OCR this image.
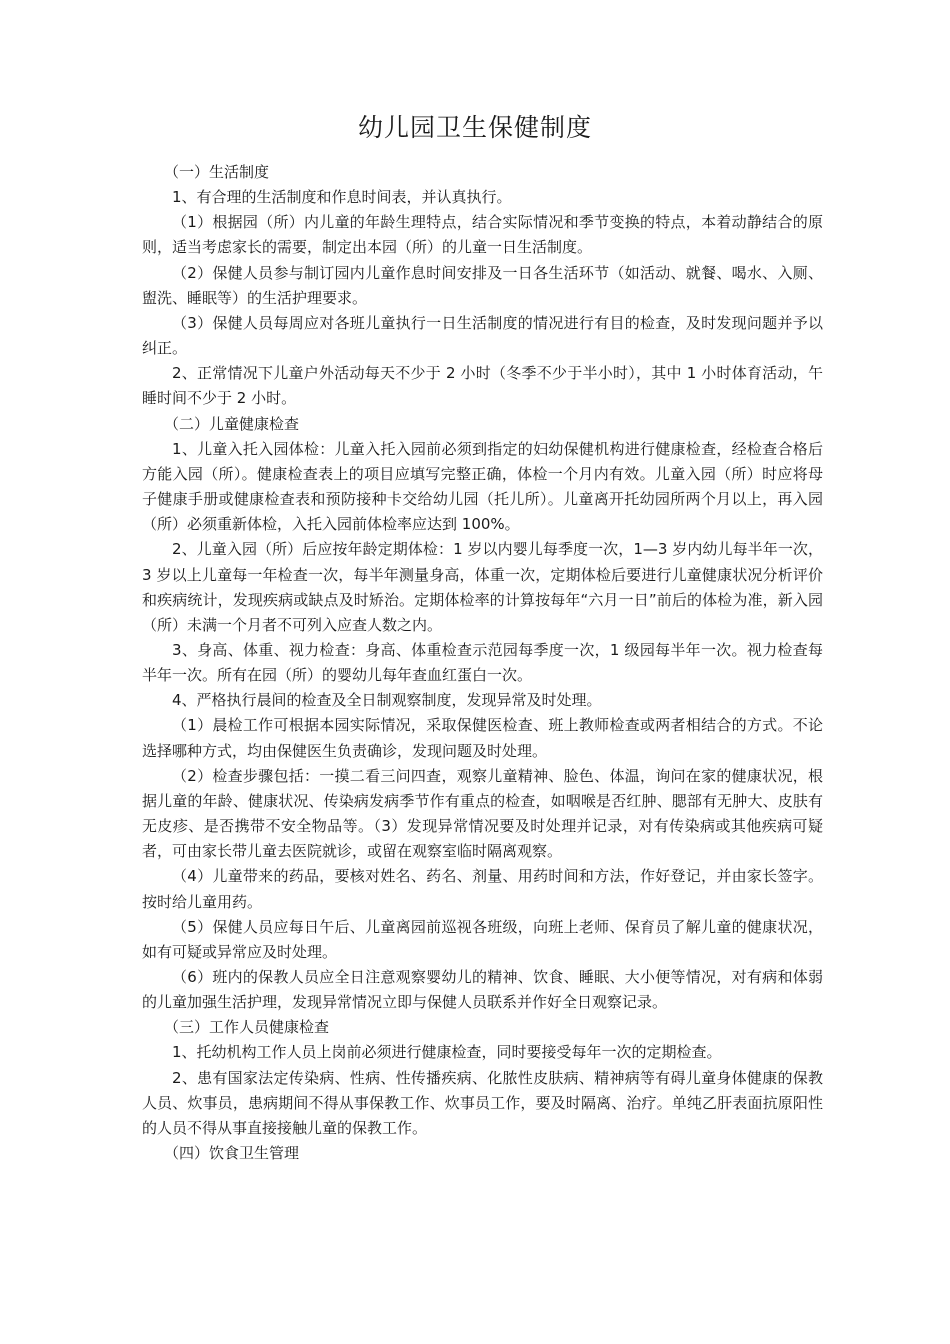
幼儿园卫生保健制度

（一）生活制度

1、有合理的生活制度和作息时间表，并认真执行。

（1）根据园（所）内儿童的年龄生理特点，结合实际情况和季节变换的特点，本着动静结合的原则，适当考虑家长的需要，制定出本园（所）的儿童一日生活制度。

（2）保健人员参与制订园内儿童作息时间安排及一日各生活环节（如活动、就餐、喝水、入厕、盥洗、睡眠等）的生活护理要求。

（3）保健人员每周应对各班儿童执行一日生活制度的情况进行有目的检查，及时发现问题并予以纠正。

2、正常情况下儿童户外活动每天不少于 2 小时（冬季不少于半小时），其中 1 小时体育活动，午睡时间不少于 2 小时。

（二）儿童健康检查

1、儿童入托入园体检：儿童入托入园前必须到指定的妇幼保健机构进行健康检查，经检查合格后方能入园（所）。健康检查表上的项目应填写完整正确，体检一个月内有效。儿童入园（所）时应将母子健康手册或健康检查表和预防接种卡交给幼儿园（托儿所）。儿童离开托幼园所两个月以上，再入园（所）必须重新体检，入托入园前体检率应达到 100%。

2、儿童入园（所）后应按年龄定期体检：1 岁以内婴儿每季度一次，1—3 岁内幼儿每半年一次，3 岁以上儿童每一年检查一次，每半年测量身高，体重一次，定期体检后要进行儿童健康状况分析评价和疾病统计，发现疾病或缺点及时矫治。定期体检率的计算按每年“六月一日”前后的体检为准，新入园（所）未满一个月者不可列入应查人数之内。

3、身高、体重、视力检查：身高、体重检查示范园每季度一次，1 级园每半年一次。视力检查每半年一次。所有在园（所）的婴幼儿每年查血红蛋白一次。

4、严格执行晨间的检查及全日制观察制度，发现异常及时处理。

（1）晨检工作可根据本园实际情况，采取保健医检查、班上教师检查或两者相结合的方式。不论选择哪种方式，均由保健医生负责确诊，发现问题及时处理。

（2）检查步骤包括：一摸二看三问四查，观察儿童精神、脸色、体温，询问在家的健康状况，根据儿童的年龄、健康状况、传染病发病季节作有重点的检查，如咽喉是否红肿、腮部有无肿大、皮肤有无皮疹、是否携带不安全物品等。（3）发现异常情况要及时处理并记录，对有传染病或其他疾病可疑者，可由家长带儿童去医院就诊，或留在观察室临时隔离观察。

（4）儿童带来的药品，要核对姓名、药名、剂量、用药时间和方法，作好登记，并由家长签字。按时给儿童用药。

（5）保健人员应每日午后、儿童离园前巡视各班级，向班上老师、保育员了解儿童的健康状况，如有可疑或异常应及时处理。

（6）班内的保教人员应全日注意观察婴幼儿的精神、饮食、睡眠、大小便等情况，对有病和体弱的儿童加强生活护理，发现异常情况立即与保健人员联系并作好全日观察记录。

（三）工作人员健康检查

1、托幼机构工作人员上岗前必须进行健康检查，同时要接受每年一次的定期检查。

2、患有国家法定传染病、性病、性传播疾病、化脓性皮肤病、精神病等有碍儿童身体健康的保教人员、炊事员，患病期间不得从事保教工作、炊事员工作，要及时隔离、治疗。单纯乙肝表面抗原阳性的人员不得从事直接接触儿童的保教工作。

（四）饮食卫生管理
